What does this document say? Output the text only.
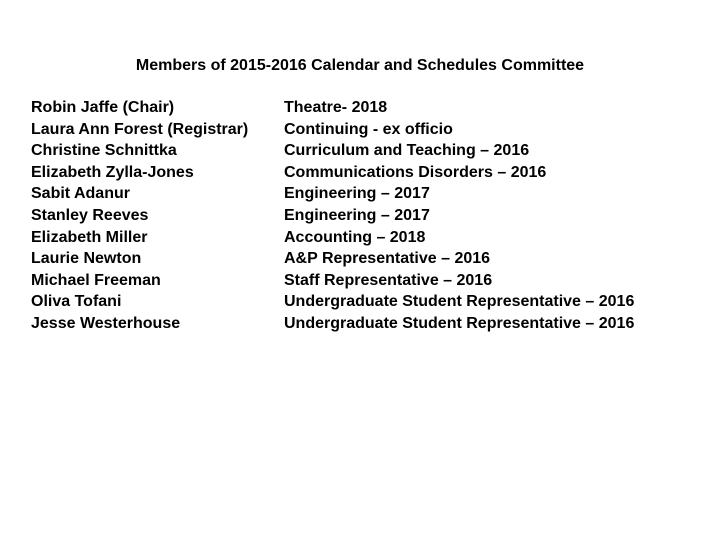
Members of 2015-2016 Calendar and Schedules Committee
Robin Jaffe (Chair)	Theatre- 2018
Laura Ann Forest (Registrar)	Continuing - ex officio
Christine Schnittka	Curriculum and Teaching – 2016
Elizabeth Zylla-Jones	Communications Disorders – 2016
Sabit Adanur	Engineering – 2017
Stanley Reeves	Engineering – 2017
Elizabeth Miller	Accounting – 2018
Laurie Newton	A&P Representative – 2016
Michael Freeman	Staff Representative – 2016
Oliva Tofani	Undergraduate Student Representative – 2016
Jesse Westerhouse	Undergraduate Student Representative – 2016
